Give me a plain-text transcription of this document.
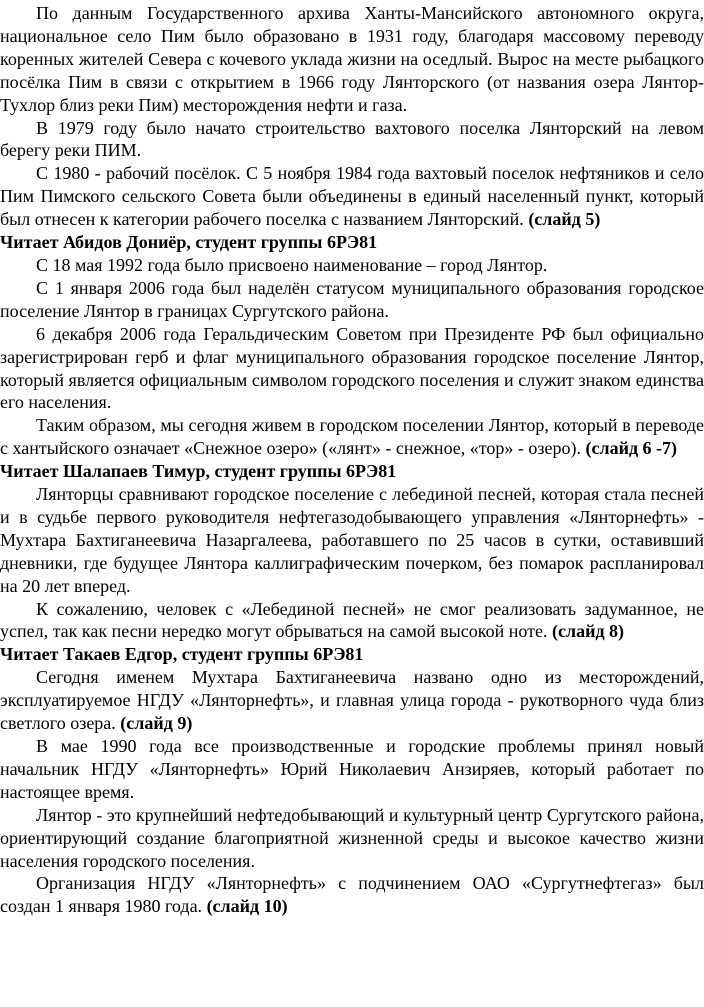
По данным Государственного архива Ханты-Мансийского автономного округа, национальное село Пим было образовано в 1931 году, благодаря массовому переводу коренных жителей Севера с кочевого уклада жизни на оседлый. Вырос на месте рыбацкого посёлка Пим в связи с открытием в 1966 году Лянторского (от названия озера Лянтор-Тухлор близ реки Пим) месторождения нефти и газа.

В 1979 году было начато строительство вахтового поселка Лянторский на левом берегу реки ПИМ.

С 1980 - рабочий посёлок. С 5 ноября 1984 года вахтовый поселок нефтяников и село Пим Пимского сельского Совета были объединены в единый населенный пункт, который был отнесен к категории рабочего поселка с названием Лянторский. (слайд 5)

Читает Абидов Дониёр, студент группы 6РЭ81

С 18 мая 1992 года было присвоено наименование – город Лянтор.

С 1 января 2006 года был наделён статусом муниципального образования городское поселение Лянтор в границах Сургутского района.

6 декабря 2006 года Геральдическим Советом при Президенте РФ был официально зарегистрирован герб и флаг муниципального образования городское поселение Лянтор, который является официальным символом городского поселения и служит знаком единства его населения.

Таким образом, мы сегодня живем в городском поселении Лянтор, который в переводе с хантыйского означает «Снежное озеро» («лянт» - снежное, «тор» - озеро). (слайд 6 -7)

Читает Шалапаев Тимур, студент группы 6РЭ81

Лянторцы сравнивают городское поселение с лебединой песней, которая стала песней и в судьбе первого руководителя нефтегазодобывающего управления «Лянторнефть» - Мухтара Бахтиганеевича Назаргалеева, работавшего по 25 часов в сутки, оставивший дневники, где будущее Лянтора каллиграфическим почерком, без помарок распланировал на 20 лет вперед.

К сожалению, человек с «Лебединой песней» не смог реализовать задуманное, не успел, так как песни нередко могут обрываться на самой высокой ноте. (слайд 8)

Читает Такаев Едгор, студент группы 6РЭ81

Сегодня именем Мухтара Бахтиганеевича названо одно из месторождений, эксплуатируемое НГДУ «Лянторнефть», и главная улица города - рукотворного чуда близ светлого озера. (слайд 9)

В мае 1990 года все производственные и городские проблемы принял новый начальник НГДУ «Лянторнефть» Юрий Николаевич Анзиряев, который работает по настоящее время.

Лянтор - это крупнейший нефтедобывающий и культурный центр Сургутского района, ориентирующий создание благоприятной жизненной среды и высокое качество жизни населения городского поселения.

Организация НГДУ «Лянторнефть» с подчинением ОАО «Сургутнефтегаз» был создан 1 января 1980 года. (слайд 10)
